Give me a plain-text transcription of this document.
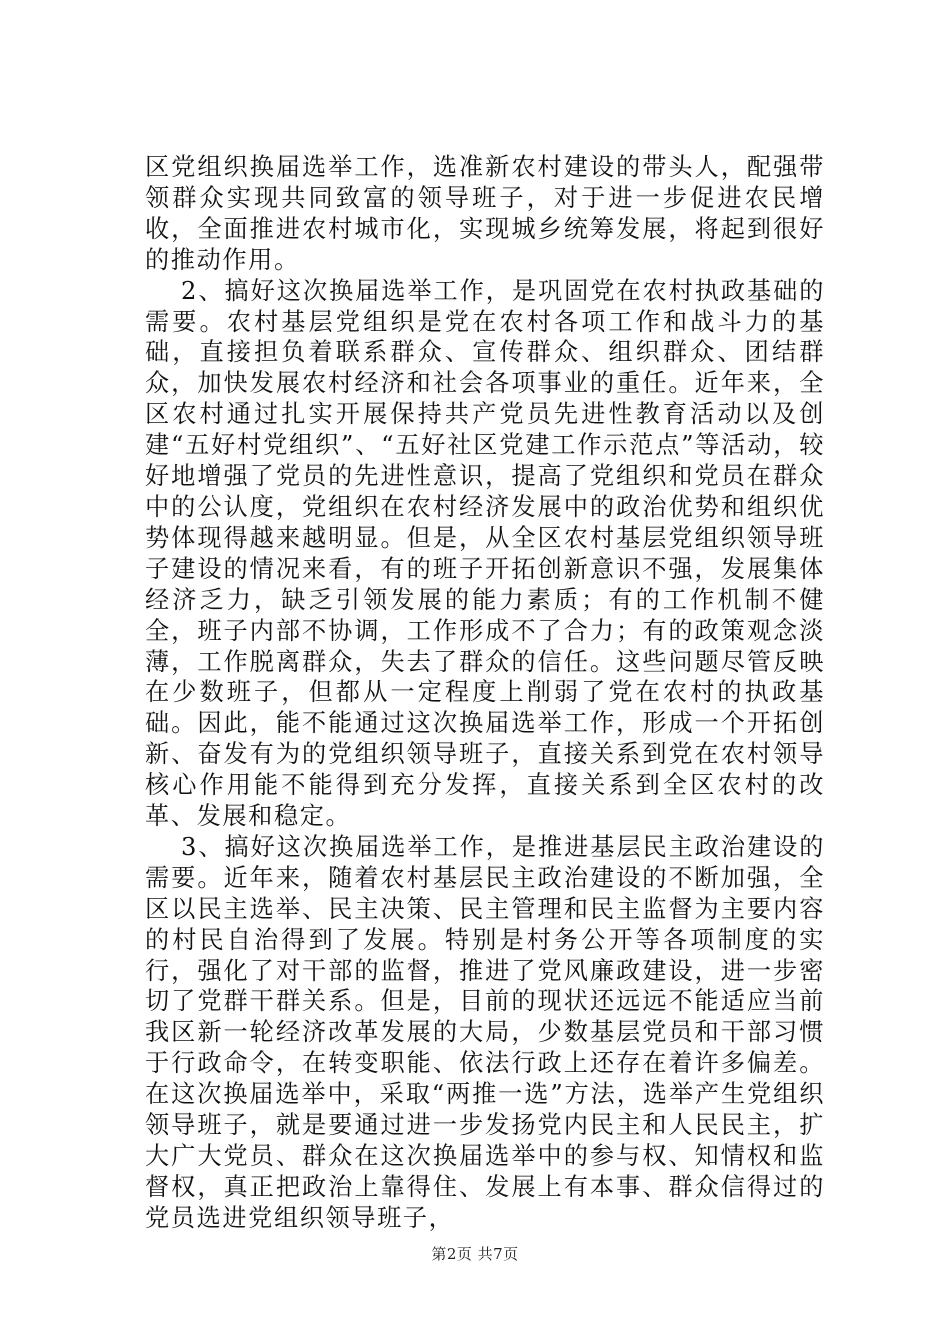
区党组织换届选举工作，选准新农村建设的带头人，配强带领群众实现共同致富的领导班子，对于进一步促进农民增收，全面推进农村城市化，实现城乡统筹发展，将起到很好的推动作用。

2、搞好这次换届选举工作，是巩固党在农村执政基础的需要。农村基层党组织是党在农村各项工作和战斗力的基础，直接担负着联系群众、宣传群众、组织群众、团结群众，加快发展农村经济和社会各项事业的重任。近年来，全区农村通过扎实开展保持共产党员先进性教育活动以及创建“五好村党组织”、“五好社区党建工作示范点”等活动，较好地增强了党员的先进性意识，提高了党组织和党员在群众中的公认度，党组织在农村经济发展中的政治优势和组织优势体现得越来越明显。但是，从全区农村基层党组织领导班子建设的情况来看，有的班子开拓创新意识不强，发展集体经济乏力，缺乏引领发展的能力素质；有的工作机制不健全，班子内部不协调，工作形成不了合力；有的政策观念淡薄，工作脱离群众，失去了群众的信任。这些问题尽管反映在少数班子，但都从一定程度上削弱了党在农村的执政基础。因此，能不能通过这次换届选举工作，形成一个开拓创新、奋发有为的党组织领导班子，直接关系到党在农村领导核心作用能不能得到充分发挥，直接关系到全区农村的改革、发展和稳定。

3、搞好这次换届选举工作，是推进基层民主政治建设的需要。近年来，随着农村基层民主政治建设的不断加强，全区以民主选举、民主决策、民主管理和民主监督为主要内容的村民自治得到了发展。特别是村务公开等各项制度的实行，强化了对干部的监督，推进了党风廉政建设，进一步密切了党群干群关系。但是，目前的现状还远远不能适应当前我区新一轮经济改革发展的大局，少数基层党员和干部习惯于行政命令，在转变职能、依法行政上还存在着许多偏差。在这次换届选举中，采取“两推一选”方法，选举产生党组织领导班子，就是要通过进一步发扬党内民主和人民民主，扩大广大党员、群众在这次换届选举中的参与权、知情权和监督权，真正把政治上靠得住、发展上有本事、群众信得过的党员选进党组织领导班子，

第2页 共7页
